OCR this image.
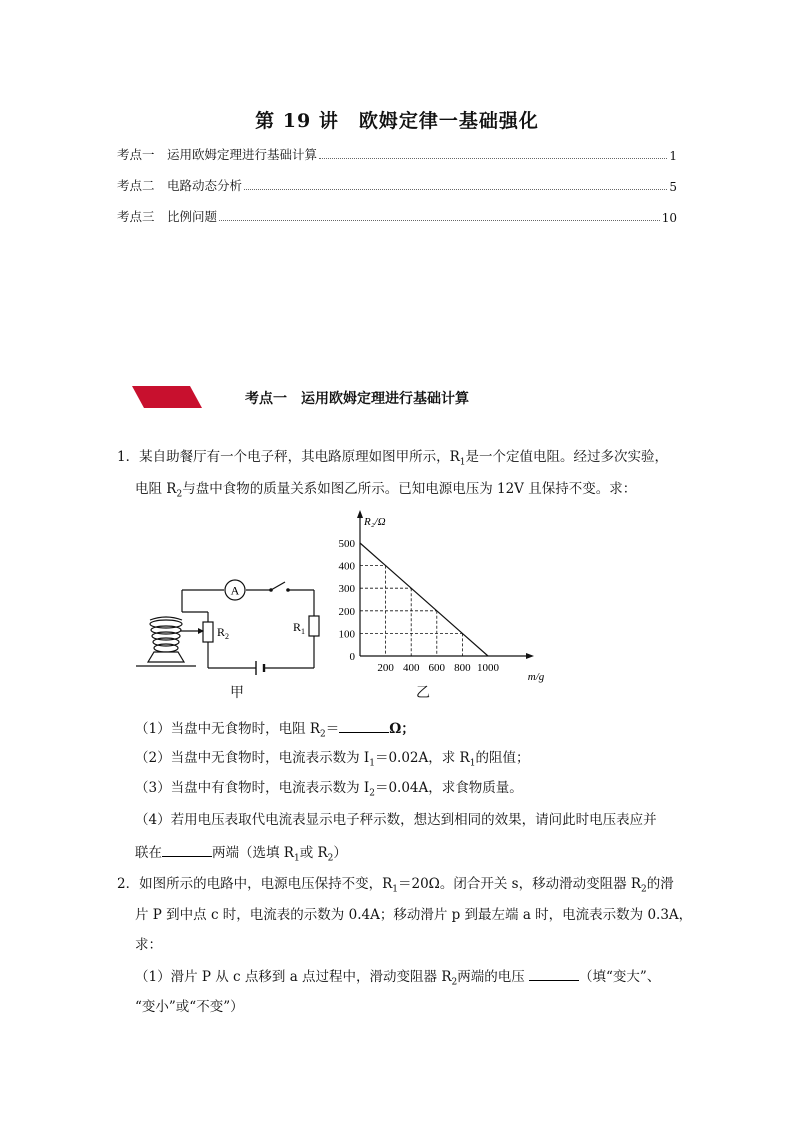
第 19 讲　欧姆定律一基础强化
考点一　运用欧姆定理进行基础计算	1
考点二　电路动态分析	5
考点三　比例问题	10
考点一　运用欧姆定理进行基础计算
1．某自助餐厅有一个电子秤，其电路原理如图甲所示，$R_1$是一个定值电阻。经过多次实验，
电阻 $R_2$与盘中食物的质量关系如图乙所示。已知电源电压为 12V 且保持不变。求：
A
$R_1$
$R_2$
甲
0
100
200
300
400
500
200 400 600 800 1000
R₂/Ω
m/g
乙
（1）当盘中无食物时，电阻 $R_2=$	Ω；
（2）当盘中无食物时，电流表示数为 $I_1=0.02A$，求 $R_1$的阻值；
（3）当盘中有食物时，电流表示数为 $I_2=0.04A$，求食物质量。
（4）若用电压表取代电流表显示电子秤示数，想达到相同的效果，请问此时电压表应并
联在	两端（选填 $R_1$或 $R_2$）
2．如图所示的电路中，电源电压保持不变，$R_1=20\Omega$。闭合开关 s，移动滑动变阻器 $R_2$的滑
片 P 到中点 c 时，电流表的示数为 0.4A；移动滑片 p 到最左端 a 时，电流表示数为 0.3A，
求：
（1）滑片 P 从 c 点移到 a 点过程中，滑动变阻器 $R_2$两端的电压	（填“变大”、
“变小”或“不变”）
